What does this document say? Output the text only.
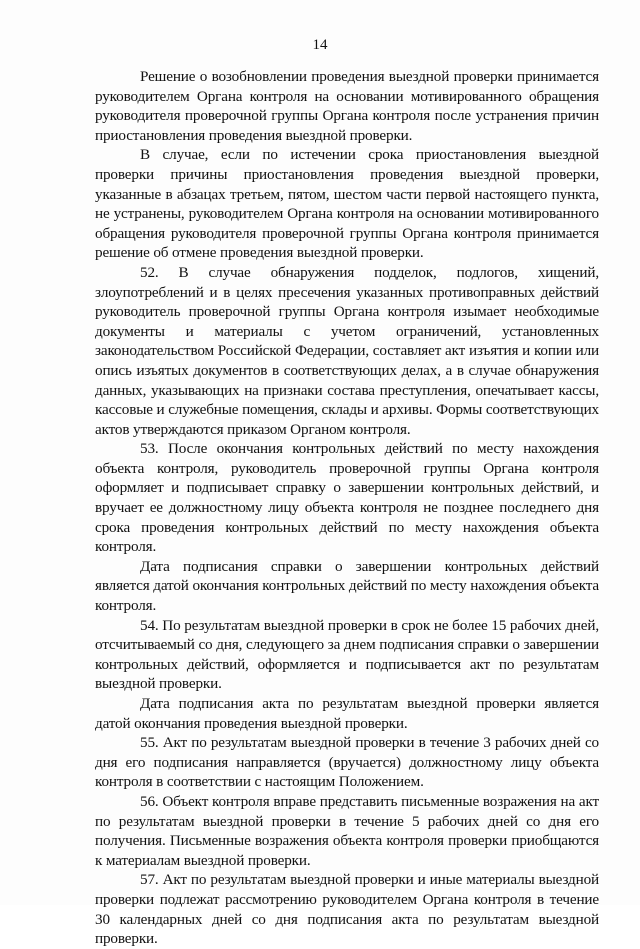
14

Решение о возобновлении проведения выездной проверки принимается руководителем Органа контроля на основании мотивированного обращения руководителя проверочной группы Органа контроля после устранения причин приостановления проведения выездной проверки.

В случае, если по истечении срока приостановления выездной проверки причины приостановления проведения выездной проверки, указанные в абзацах третьем, пятом, шестом части первой настоящего пункта, не устранены, руководителем Органа контроля на основании мотивированного обращения руководителя проверочной группы Органа контроля принимается решение об отмене проведения выездной проверки.

52. В случае обнаружения подделок, подлогов, хищений, злоупотреблений и в целях пресечения указанных противоправных действий руководитель проверочной группы Органа контроля изымает необходимые документы и материалы с учетом ограничений, установленных законодательством Российской Федерации, составляет акт изъятия и копии или опись изъятых документов в соответствующих делах, а в случае обнаружения данных, указывающих на признаки состава преступления, опечатывает кассы, кассовые и служебные помещения, склады и архивы. Формы соответствующих актов утверждаются приказом Органом контроля.

53. После окончания контрольных действий по месту нахождения объекта контроля, руководитель проверочной группы Органа контроля оформляет и подписывает справку о завершении контрольных действий, и вручает ее должностному лицу объекта контроля не позднее последнего дня срока проведения контрольных действий по месту нахождения объекта контроля.

Дата подписания справки о завершении контрольных действий является датой окончания контрольных действий по месту нахождения объекта контроля.

54. По результатам выездной проверки в срок не более 15 рабочих дней, отсчитываемый со дня, следующего за днем подписания справки о завершении контрольных действий, оформляется и подписывается акт по результатам выездной проверки.

Дата подписания акта по результатам выездной проверки является датой окончания проведения выездной проверки.

55. Акт по результатам выездной проверки в течение 3 рабочих дней со дня его подписания направляется (вручается) должностному лицу объекта контроля в соответствии с настоящим Положением.

56. Объект контроля вправе представить письменные возражения на акт по результатам выездной проверки в течение 5 рабочих дней со дня его получения. Письменные возражения объекта контроля проверки приобщаются к материалам выездной проверки.

57. Акт по результатам выездной проверки и иные материалы выездной проверки подлежат рассмотрению руководителем Органа контроля в течение 30 календарных дней со дня подписания акта по результатам выездной проверки.
